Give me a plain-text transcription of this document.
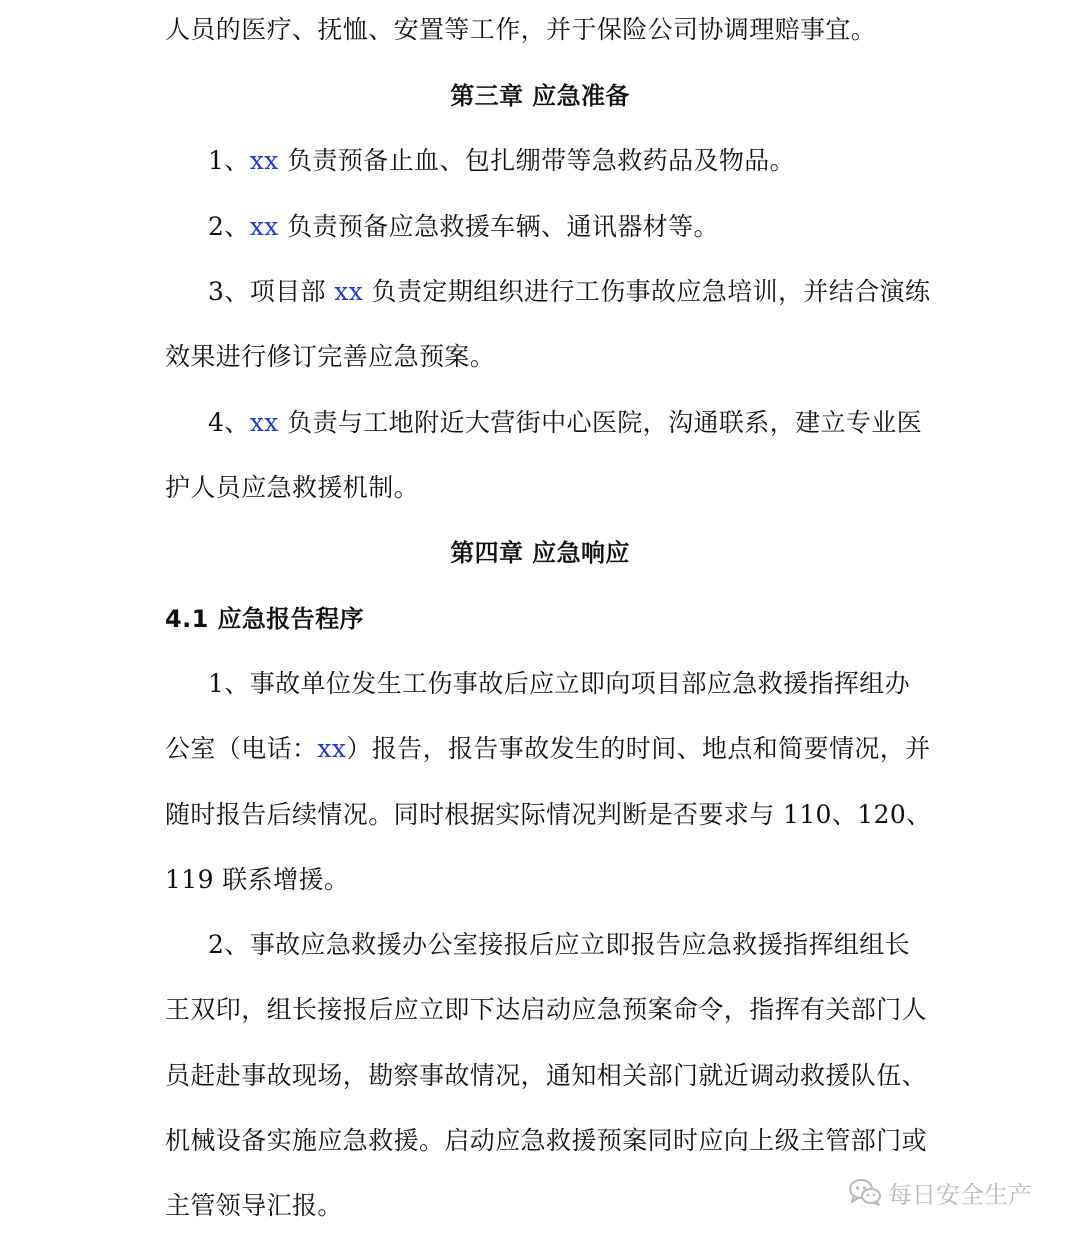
人员的医疗、抚恤、安置等工作，并于保险公司协调理赔事宜。
第三章 应急准备
1、xx 负责预备止血、包扎绷带等急救药品及物品。
2、xx 负责预备应急救援车辆、通讯器材等。
3、项目部 xx 负责定期组织进行工伤事故应急培训，并结合演练
效果进行修订完善应急预案。
4、xx 负责与工地附近大营街中心医院，沟通联系，建立专业医
护人员应急救援机制。
第四章 应急响应
4.1 应急报告程序
1、事故单位发生工伤事故后应立即向项目部应急救援指挥组办
公室（电话：xx）报告，报告事故发生的时间、地点和简要情况，并
随时报告后续情况。同时根据实际情况判断是否要求与 110、120、
119 联系增援。
2、事故应急救援办公室接报后应立即报告应急救援指挥组组长
王双印，组长接报后应立即下达启动应急预案命令，指挥有关部门人
员赶赴事故现场，勘察事故情况，通知相关部门就近调动救援队伍、
机械设备实施应急救援。启动应急救援预案同时应向上级主管部门或
主管领导汇报。	每日安全生产
